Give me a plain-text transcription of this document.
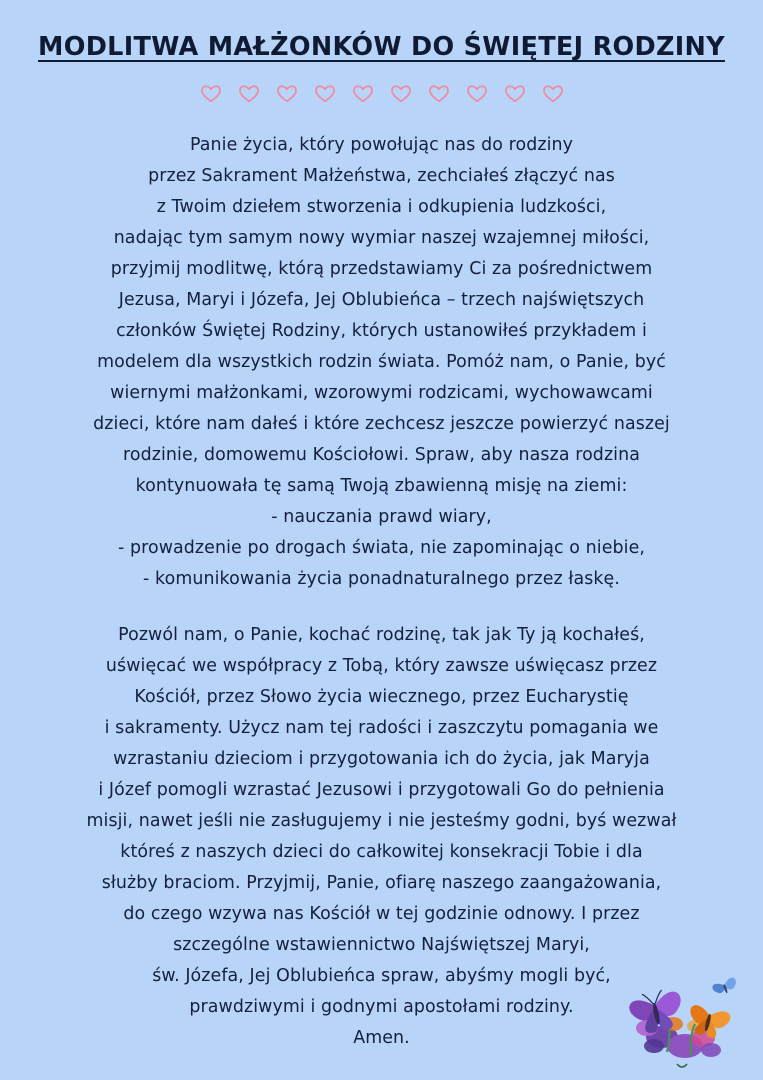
MODLITWA MAŁŻONKÓW DO ŚWIĘTEJ RODZINY

Panie życia, który powołując nas do rodziny
przez Sakrament Małżeństwa, zechciałeś złączyć nas
z Twoim dziełem stworzenia i odkupienia ludzkości,
nadając tym samym nowy wymiar naszej wzajemnej miłości,
przyjmij modlitwę, którą przedstawiamy Ci za pośrednictwem
Jezusa, Maryi i Józefa, Jej Oblubieńca – trzech najświętszych
członków Świętej Rodziny, których ustanowiłeś przykładem i
modelem dla wszystkich rodzin świata. Pomóż nam, o Panie, być
wiernymi małżonkami, wzorowymi rodzicami, wychowawcami
dzieci, które nam dałeś i które zechcesz jeszcze powierzyć naszej
rodzinie, domowemu Kościołowi. Spraw, aby nasza rodzina
kontynuowała tę samą Twoją zbawienną misję na ziemi:
- nauczania prawd wiary,
- prowadzenie po drogach świata, nie zapominając o niebie,
- komunikowania życia ponadnaturalnego przez łaskę.

Pozwól nam, o Panie, kochać rodzinę, tak jak Ty ją kochałeś,
uświęcać we współpracy z Tobą, który zawsze uświęcasz przez
Kościół, przez Słowo życia wiecznego, przez Eucharystię
i sakramenty. Użycz nam tej radości i zaszczytu pomagania we
wzrastaniu dzieciom i przygotowania ich do życia, jak Maryja
i Józef pomogli wzrastać Jezusowi i przygotowali Go do pełnienia
misji, nawet jeśli nie zasługujemy i nie jesteśmy godni, byś wezwał
któreś z naszych dzieci do całkowitej konsekracji Tobie i dla
służby braciom. Przyjmij, Panie, ofiarę naszego zaangażowania,
do czego wzywa nas Kościół w tej godzinie odnowy. I przez
szczególne wstawiennictwo Najświętszej Maryi,
św. Józefa, Jej Oblubieńca spraw, abyśmy mogli być,
prawdziwymi i godnymi apostołami rodziny.
Amen.
